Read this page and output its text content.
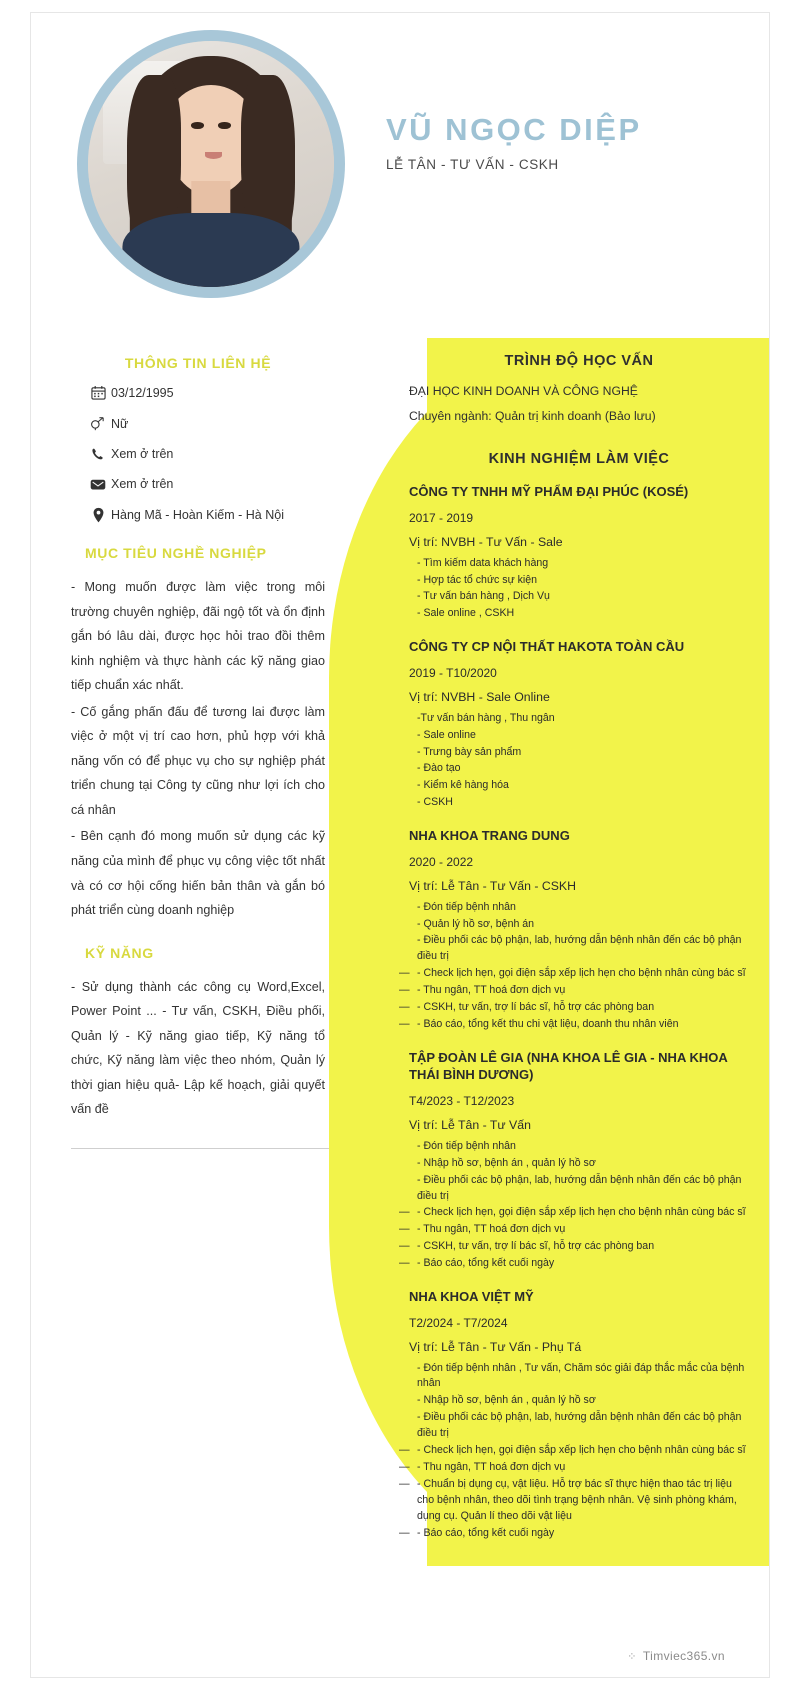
VŨ NGỌC DIỆP

LỄ TÂN - TƯ VẤN - CSKH

THÔNG TIN LIÊN HỆ
03/12/1995
Nữ
Xem ở trên
Xem ở trên
Hàng Mã - Hoàn Kiếm - Hà Nội
MỤC TIÊU NGHỀ NGHIỆP

- Mong muốn được làm việc trong môi trường chuyên nghiệp, đãi ngộ tốt và ổn định gắn bó lâu dài, được học hỏi trao đồi thêm kinh nghiệm và thực hành các kỹ năng giao tiếp chuẩn xác nhất.

- Cố gắng phấn đấu để tương lai được làm việc ở một vị trí cao hơn, phủ hợp với khả năng vốn có để phục vụ cho sự nghiệp phát triển chung tại Công ty cũng như lợi ích cho cá nhân

- Bên cạnh đó mong muốn sử dụng các kỹ năng của mình để phục vụ công việc tốt nhất và có cơ hội cống hiến bản thân và gắn bó phát triển cùng doanh nghiệp

KỸ NĂNG

- Sử dụng thành các công cụ Word,Excel, Power Point ... - Tư vấn, CSKH, Điều phối, Quản lý - Kỹ năng giao tiếp, Kỹ năng tổ chức, Kỹ năng làm việc theo nhóm, Quản lý thời gian hiệu quả- Lập kế hoạch, giải quyết vấn đề

TRÌNH ĐỘ HỌC VẤN

ĐẠI HỌC KINH DOANH VÀ CÔNG NGHỆ

Chuyên ngành: Quản trị kinh doanh (Bảo lưu)

KINH NGHIỆM LÀM VIỆC
CÔNG TY TNHH MỸ PHẨM ĐẠI PHÚC (KOSÉ)
2017 - 2019
Vị trí: NVBH - Tư Vấn - Sale
- Tìm kiếm data khách hàng
- Hợp tác tổ chức sự kiện
- Tư vấn bán hàng , Dịch Vụ
- Sale online , CSKH
CÔNG TY CP NỘI THẤT HAKOTA TOÀN CẦU
2019 - T10/2020
Vị trí: NVBH - Sale Online
-Tư vấn bán hàng , Thu ngân
- Sale online
- Trưng bày sản phẩm
- Đào tạo
- Kiểm kê hàng hóa
- CSKH
NHA KHOA TRANG DUNG
2020 - 2022
Vị trí: Lễ Tân - Tư Vấn - CSKH
- Đón tiếp bệnh nhân
- Quản lý hồ sơ, bệnh án
- Điều phối các bộ phận, lab, hướng dẫn bệnh nhân đến các bộ phận điều trị
— - Check lịch hẹn, gọi điện sắp xếp lịch hẹn cho bệnh nhân cùng bác sĩ
— - Thu ngân, TT hoá đơn dịch vụ
— - CSKH, tư vấn, trợ lí bác sĩ, hỗ trợ các phòng ban
— - Báo cáo, tổng kết thu chi vật liệu, doanh thu nhân viên
TẬP ĐOÀN LÊ GIA (NHA KHOA LÊ GIA - NHA KHOA THÁI BÌNH DƯƠNG)
T4/2023 - T12/2023
Vị trí: Lễ Tân - Tư Vấn
- Đón tiếp bệnh nhân
- Nhập hồ sơ, bệnh án , quản lý hồ sơ
- Điều phối các bộ phận, lab, hướng dẫn bệnh nhân đến các bộ phận điều trị
— - Check lịch hẹn, gọi điện sắp xếp lịch hẹn cho bệnh nhân cùng bác sĩ
— - Thu ngân, TT hoá đơn dịch vụ
— - CSKH, tư vấn, trợ lí bác sĩ, hỗ trợ các phòng ban
— - Báo cáo, tổng kết cuối ngày
NHA KHOA VIỆT MỸ
T2/2024 - T7/2024
Vị trí: Lễ Tân - Tư Vấn - Phụ Tá
- Đón tiếp bệnh nhân , Tư vấn, Chăm sóc giải đáp thắc mắc của bệnh nhân
- Nhập hồ sơ, bệnh án , quản lý hồ sơ
- Điều phối các bộ phận, lab, hướng dẫn bệnh nhân đến các bộ phận điều trị
— - Check lịch hẹn, gọi điện sắp xếp lịch hẹn cho bệnh nhân cùng bác sĩ
— - Thu ngân, TT hoá đơn dịch vụ
— - Chuẩn bị dụng cụ, vật liệu. Hỗ trợ bác sĩ thực hiện thao tác trị liệu cho bệnh nhân, theo dõi tình trạng bệnh nhân. Vệ sinh phòng khám, dụng cụ. Quản lí theo dõi vật liệu
— - Báo cáo, tổng kết cuối ngày
⁘ Timviec365.vn
